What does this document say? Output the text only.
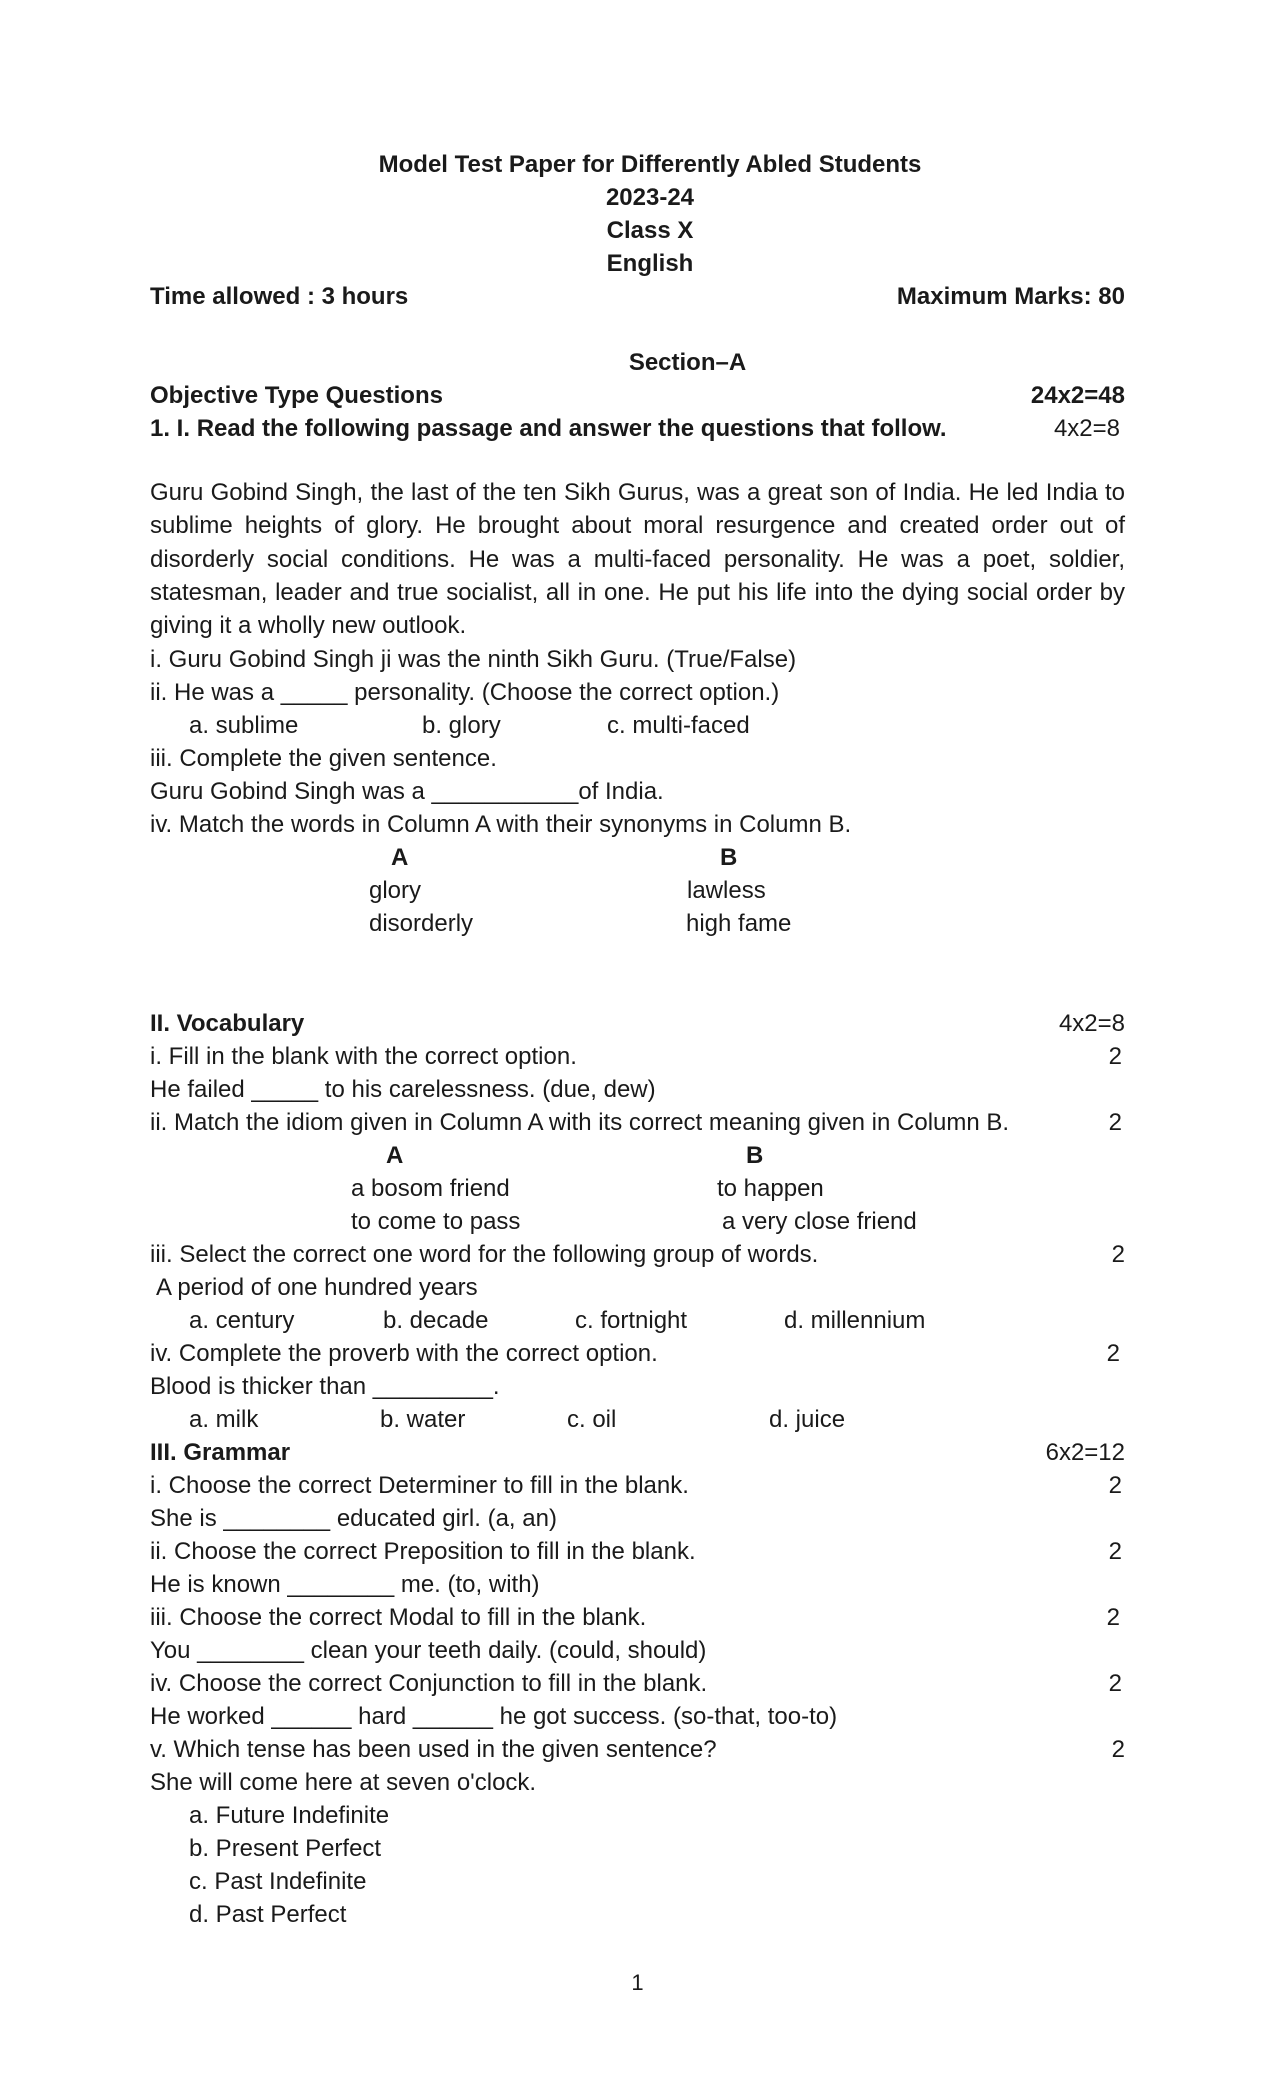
Model Test Paper for Differently Abled Students
2023-24
Class X
English
Time allowed : 3 hours	Maximum Marks: 80
Section–A
Objective Type Questions	24x2=48
1. I. Read the following passage and answer the questions that follow.	4x2=8
Guru Gobind Singh, the last of the ten Sikh Gurus, was a great son of India. He led India to sublime heights of glory. He brought about moral resurgence and created order out of disorderly social conditions. He was a multi-faced personality. He was a poet, soldier, statesman, leader and true socialist, all in one. He put his life into the dying social order by giving it a wholly new outlook.
i. Guru Gobind Singh ji was the ninth Sikh Guru. (True/False)
ii. He was a _____ personality. (Choose the correct option.)
a. sublime	b. glory	c. multi-faced
iii. Complete the given sentence.
Guru Gobind Singh was a ___________of India.
iv. Match the words in Column A with their synonyms in Column B.
A	B
glory	lawless
disorderly	high fame
II. Vocabulary	4x2=8
i. Fill in the blank with the correct option.	2
He failed _____ to his carelessness. (due, dew)
ii. Match the idiom given in Column A with its correct meaning given in Column B.	2
A	B
a bosom friend	to happen
to come to pass	a very close friend
iii. Select the correct one word for the following group of words.	2
A period of one hundred years
a. century	b. decade	c. fortnight	d. millennium
iv. Complete the proverb with the correct option.	2
Blood is thicker than _________.
a. milk	b. water	c. oil	d. juice
III. Grammar	6x2=12
i. Choose the correct Determiner to fill in the blank.	2
She is ________ educated girl. (a, an)
ii. Choose the correct Preposition to fill in the blank.	2
He is known ________ me. (to, with)
iii. Choose the correct Modal to fill in the blank.	2
You ________ clean your teeth daily. (could, should)
iv. Choose the correct Conjunction to fill in the blank.	2
He worked ______ hard ______ he got success. (so-that, too-to)
v. Which tense has been used in the given sentence?	2
She will come here at seven o'clock.
a. Future Indefinite
b. Present Perfect
c. Past Indefinite
d. Past Perfect
1
